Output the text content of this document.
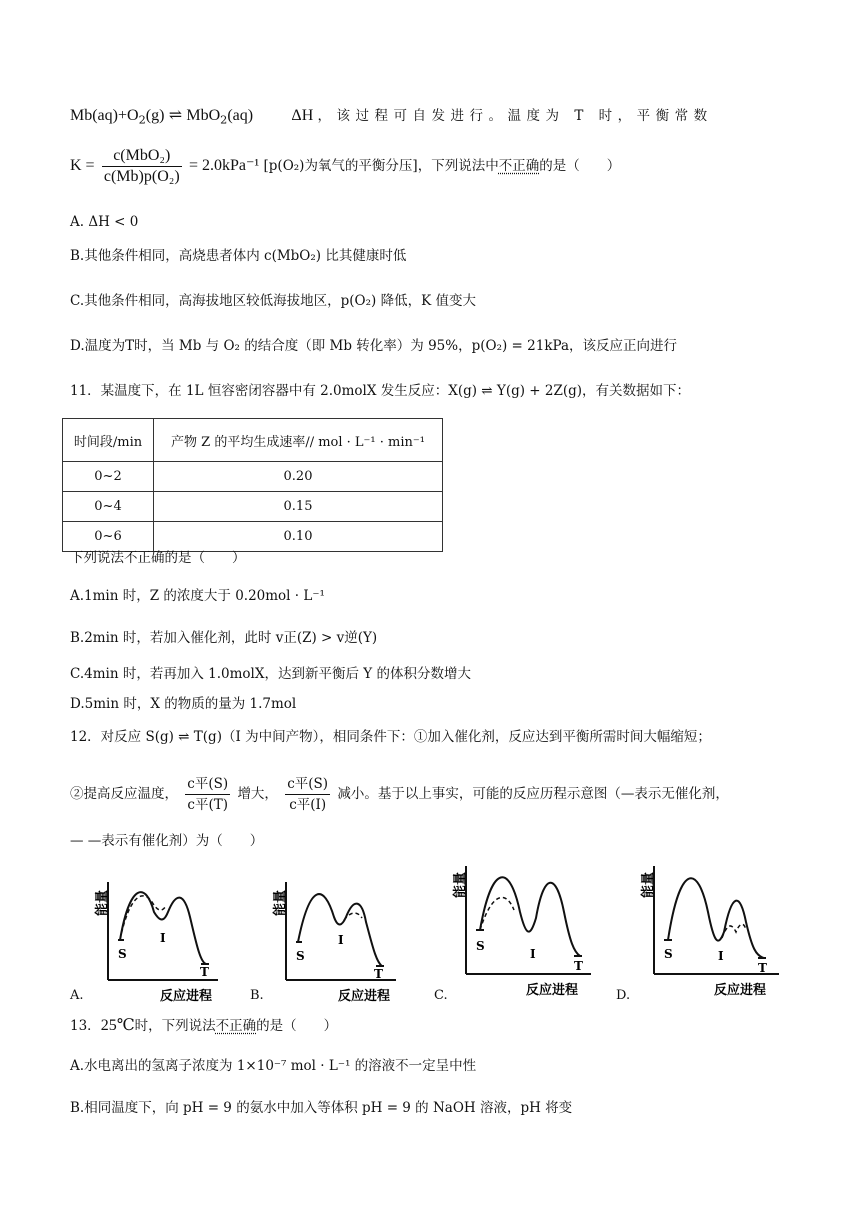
$Mb(aq)+O_2(g)$ ⇌ MbO$_2$(aq) ΔH ，该过程可自发进行。温度为 T 时，平衡常数
$K = \frac{\text{c(MbO₂)}}{\text{c(Mb)p(O₂)}} = 2.0kPa^{-1}$ [p(O₂)为氧气的平衡分压]，下列说法中不正确的是（　　）
A. ΔH < 0
B.其他条件相同，高烧患者体内 c(MbO₂) 比其健康时低
C.其他条件相同，高海拔地区较低海拔地区，p(O₂) 降低，K 值变大
D.温度为T时，当 Mb 与 O₂ 的结合度（即 Mb 转化率）为 95%，p(O₂) = 21kPa，该反应正向进行
11．某温度下，在 1L 恒容密闭容器中有 2.0molX 发生反应：X(g) ⇌ Y(g) + 2Z(g)，有关数据如下：
时间段/min	产物 Z 的平均生成速率// mol · L⁻¹ · min⁻¹
0~2	0.20
0~4	0.15
0~6	0.10
下列说法不正确的是（　　）
A.1min 时，Z 的浓度大于 0.20mol · L⁻¹
B.2min 时，若加入催化剂，此时 v正(Z) > v逆(Y)
C.4min 时，若再加入 1.0molX，达到新平衡后 Y 的体积分数增大
D.5min 时，X 的物质的量为 1.7mol
12．对反应 S(g) ⇌ T(g)（I 为中间产物），相同条件下：①加入催化剂，反应达到平衡所需时间大幅缩短；
②提高反应温度， $\frac{\text{c平(S)}}{\text{c平(T)}}$ 增大， $\frac{\text{c平(S)}}{\text{c平(I)}}$ 减小。基于以上事实，可能的反应历程示意图（—表示无催化剂，
— —表示有催化剂）为（　　）
能量
S
I
T
反应进程
A.
能量
S
I
T
反应进程
B.
能量
S
I
T
反应进程
C.
能量
S	I
T
反应进程
D.
13．25℃时，下列说法不正确的是（　　）
A.水电离出的氢离子浓度为 1×10⁻⁷ mol · L⁻¹ 的溶液不一定呈中性
B.相同温度下，向 pH = 9 的氨水中加入等体积 pH = 9 的 NaOH 溶液，pH 将变
